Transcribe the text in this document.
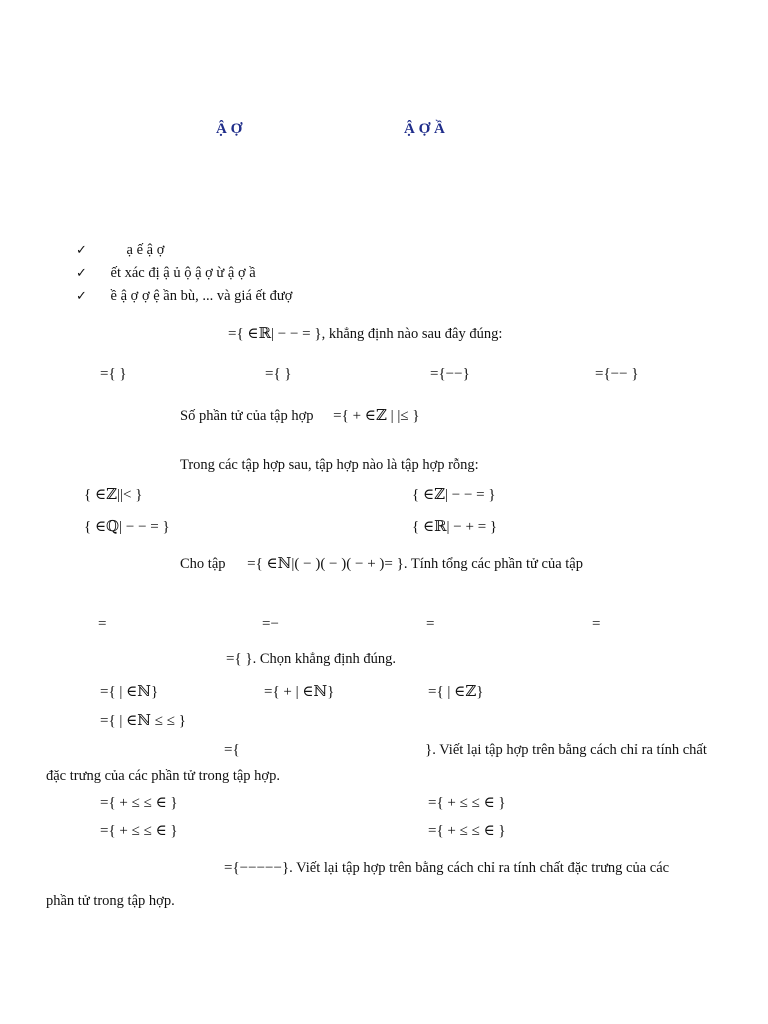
Ậ Ợ	Ậ Ợ Ầ
✓	ạ ế ậ ợ
✓ ết xác đị ậ ủ ộ ậ ợ ừ ậ ợ ầ
✓ ề ậ ợ ợ ệ ần bù, ... và giá ết đượ
={ ∈ℝ| − − = }, khẳng định nào sau đây đúng:
={ }	={ }	={−−}	={−− }
Số phần tử của tập hợp ={ + ∈ℤ | |≤ }
Trong các tập hợp sau, tập hợp nào là tập hợp rỗng:
{ ∈ℤ||< }	{ ∈ℤ| − − = }
{ ∈ℚ| − − = }	{ ∈ℝ| − + = }
Cho tập ={ ∈ℕ|( − )( − )( − + )= }. Tính tổng các phần tử của tập
=	=−	=	=
={ }. Chọn khẳng định đúng.
={ | ∈ℕ}	={ + | ∈ℕ}	={ | ∈ℤ}
={ | ∈ℕ ≤ ≤ }
={	}. Viết lại tập hợp trên bằng cách chỉ ra tính chất
đặc trưng của các phần tử trong tập hợp.
={ + ≤ ≤ ∈ }	={ + ≤ ≤ ∈ }
={ + ≤ ≤ ∈ }	={ + ≤ ≤ ∈ }
={−−−−−}. Viết lại tập hợp trên bằng cách chỉ ra tính chất đặc trưng của các
phần tử trong tập hợp.
